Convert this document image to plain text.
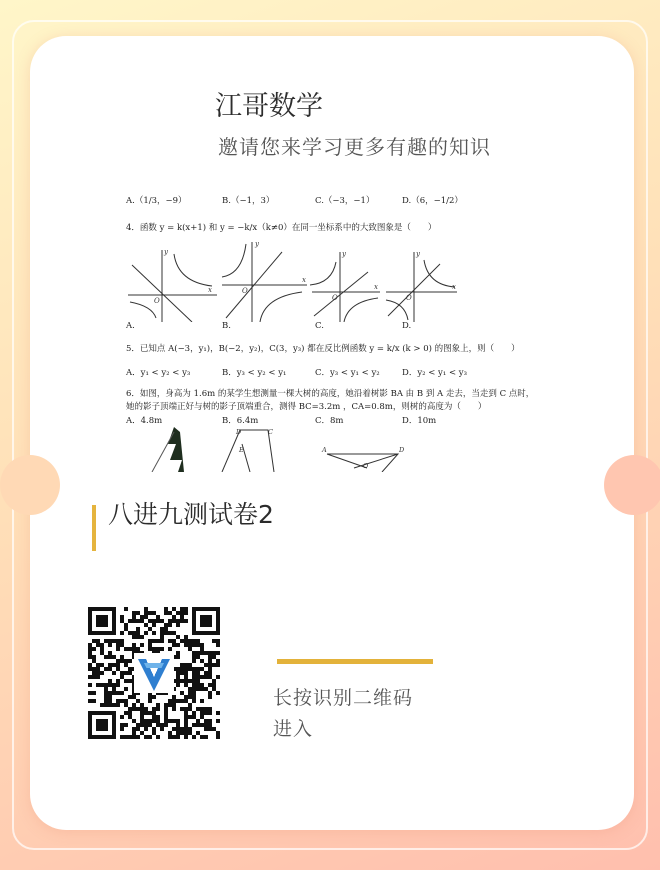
江哥数学
邀请您来学习更多有趣的知识
A.（1/3，−9）	B.（−1，3）	C.（−3，−1）	D.（6，−1/2）
4．函数 y = k(x+1) 和 y = −k/x（k≠0）在同一坐标系中的大致图象是（　　）
O
x
y
O
x
y
O
x
y
O
x
y
A.	B.	C.	D.
5．已知点 A(−3，y₁)，B(−2，y₂)，C(3，y₃) 都在反比例函数 y = k/x (k > 0) 的图象上，则（　　）
A．y₁ < y₂ < y₃	B．y₃ < y₂ < y₁	C．y₃ < y₁ < y₂	D．y₂ < y₁ < y₃
6．如图，身高为 1.6m 的某学生想测量一棵大树的高度，她沿着树影 BA 由 B 到 A 走去，当走到 C 点时，
她的影子顶端正好与树的影子顶端重合，测得 BC=3.2m ，CA=0.8m，则树的高度为（　　）
A．4.8m	B．6.4m	C．8m	D．10m
D	C
E	A	D
O
八进九测试卷2
长按识别二维码
进入
